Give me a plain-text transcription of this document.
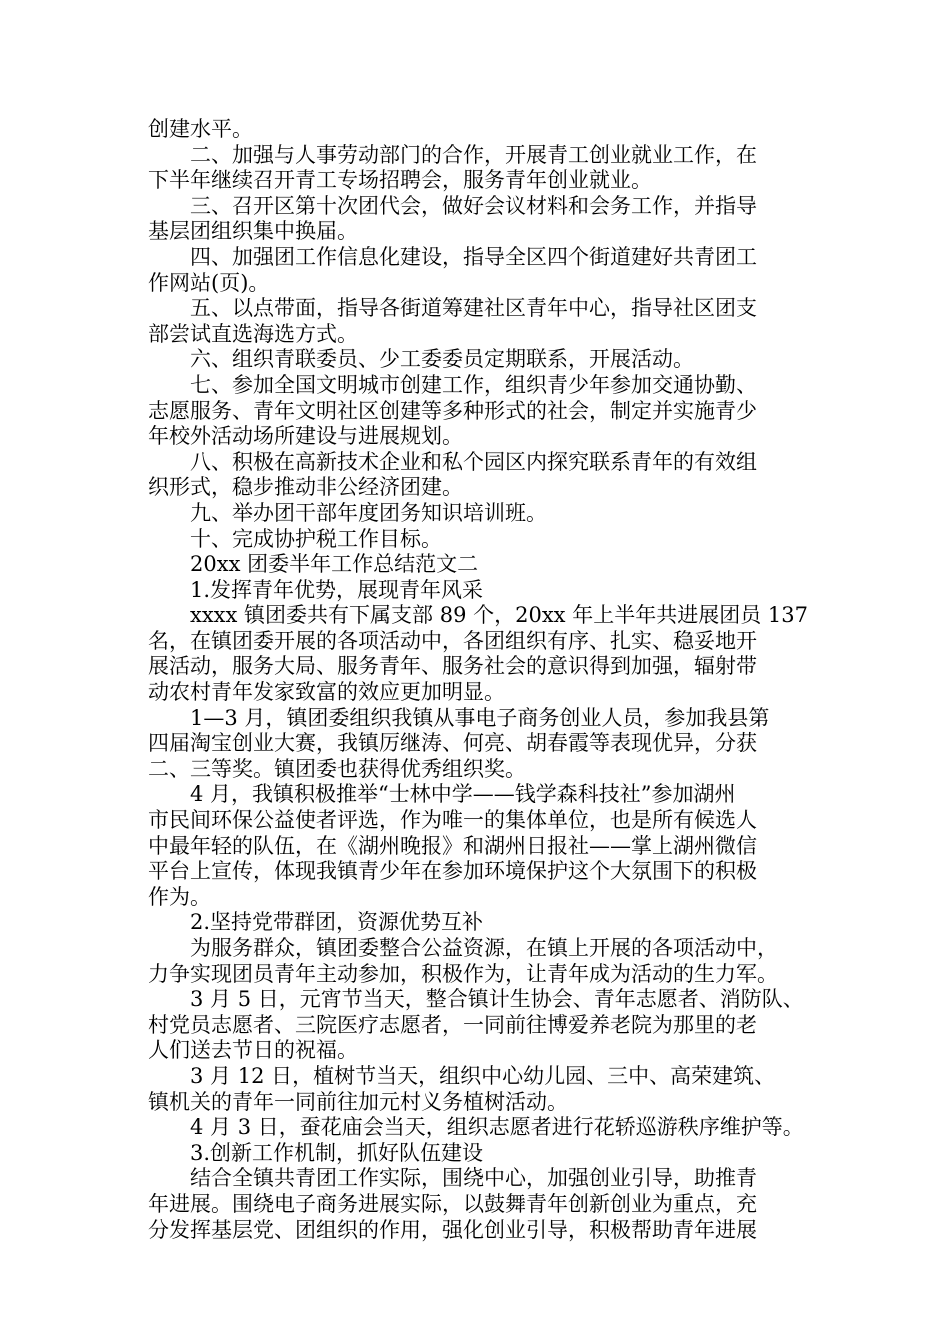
创建水平。
二、加强与人事劳动部门的合作，开展青工创业就业工作，在
下半年继续召开青工专场招聘会，服务青年创业就业。
三、召开区第十次团代会，做好会议材料和会务工作，并指导
基层团组织集中换届。
四、加强团工作信息化建设，指导全区四个街道建好共青团工
作网站(页)。
五、以点带面，指导各街道筹建社区青年中心，指导社区团支
部尝试直选海选方式。
六、组织青联委员、少工委委员定期联系，开展活动。
七、参加全国文明城市创建工作，组织青少年参加交通协勤、
志愿服务、青年文明社区创建等多种形式的社会，制定并实施青少
年校外活动场所建设与进展规划。
八、积极在高新技术企业和私个园区内探究联系青年的有效组
织形式，稳步推动非公经济团建。
九、举办团干部年度团务知识培训班。
十、完成协护税工作目标。
20xx 团委半年工作总结范文二
1.发挥青年优势，展现青年风采
xxxx 镇团委共有下属支部 89 个，20xx 年上半年共进展团员 137
名，在镇团委开展的各项活动中，各团组织有序、扎实、稳妥地开
展活动，服务大局、服务青年、服务社会的意识得到加强，辐射带
动农村青年发家致富的效应更加明显。
1—3 月，镇团委组织我镇从事电子商务创业人员，参加我县第
四届淘宝创业大赛，我镇厉继涛、何亮、胡春霞等表现优异，分获
二、三等奖。镇团委也获得优秀组织奖。
4 月，我镇积极推举“士林中学——钱学森科技社”参加湖州
市民间环保公益使者评选，作为唯一的集体单位，也是所有候选人
中最年轻的队伍，在《湖州晚报》和湖州日报社——掌上湖州微信
平台上宣传，体现我镇青少年在参加环境保护这个大氛围下的积极
作为。
2.坚持党带群团，资源优势互补
为服务群众，镇团委整合公益资源，在镇上开展的各项活动中，
力争实现团员青年主动参加，积极作为，让青年成为活动的生力军。
3 月 5 日，元宵节当天，整合镇计生协会、青年志愿者、消防队、
村党员志愿者、三院医疗志愿者，一同前往博爱养老院为那里的老
人们送去节日的祝福。
3 月 12 日，植树节当天，组织中心幼儿园、三中、高荣建筑、
镇机关的青年一同前往加元村义务植树活动。
4 月 3 日，蚕花庙会当天，组织志愿者进行花轿巡游秩序维护等。
3.创新工作机制，抓好队伍建设
结合全镇共青团工作实际，围绕中心，加强创业引导，助推青
年进展。围绕电子商务进展实际，以鼓舞青年创新创业为重点，充
分发挥基层党、团组织的作用，强化创业引导，积极帮助青年进展
